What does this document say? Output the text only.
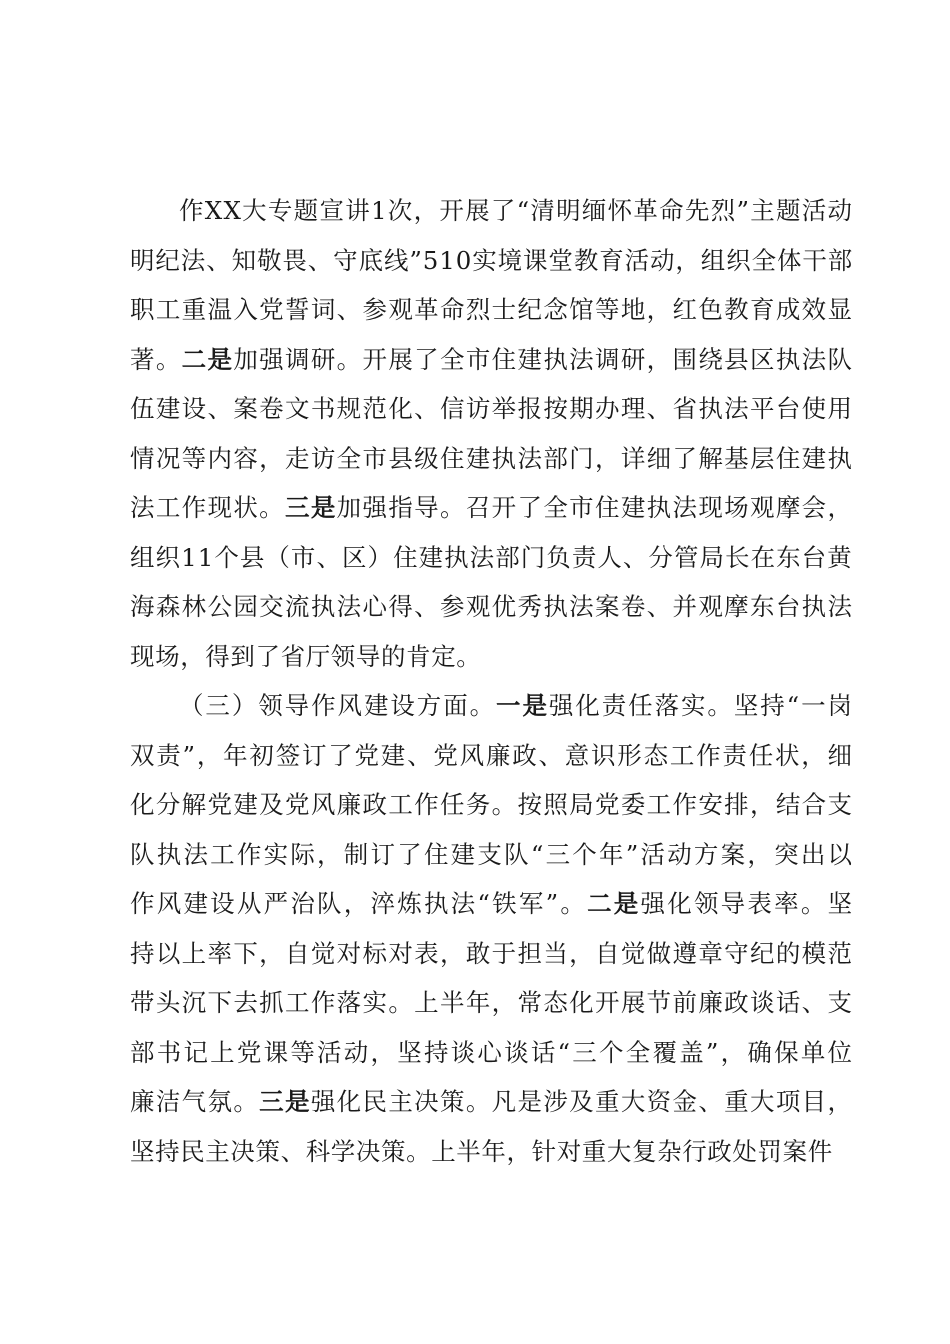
作XX大专题宣讲1次，开展了“清明缅怀革命先烈”主题活动
明纪法、知敬畏、守底线”510实境课堂教育活动，组织全体干部
职工重温入党誓词、参观革命烈士纪念馆等地，红色教育成效显
著。二是加强调研。开展了全市住建执法调研，围绕县区执法队
伍建设、案卷文书规范化、信访举报按期办理、省执法平台使用
情况等内容，走访全市县级住建执法部门，详细了解基层住建执
法工作现状。三是加强指导。召开了全市住建执法现场观摩会，
组织11个县（市、区）住建执法部门负责人、分管局长在东台黄
海森林公园交流执法心得、参观优秀执法案卷、并观摩东台执法
现场，得到了省厅领导的肯定。
（三）领导作风建设方面。一是强化责任落实。坚持“一岗
双责”，年初签订了党建、党风廉政、意识形态工作责任状，细
化分解党建及党风廉政工作任务。按照局党委工作安排，结合支
队执法工作实际，制订了住建支队“三个年”活动方案，突出以
作风建设从严治队，淬炼执法“铁军”。二是强化领导表率。坚
持以上率下，自觉对标对表，敢于担当，自觉做遵章守纪的模范
带头沉下去抓工作落实。上半年，常态化开展节前廉政谈话、支
部书记上党课等活动，坚持谈心谈话“三个全覆盖”，确保单位
廉洁气氛。三是强化民主决策。凡是涉及重大资金、重大项目，
坚持民主决策、科学决策。上半年，针对重大复杂行政处罚案件
